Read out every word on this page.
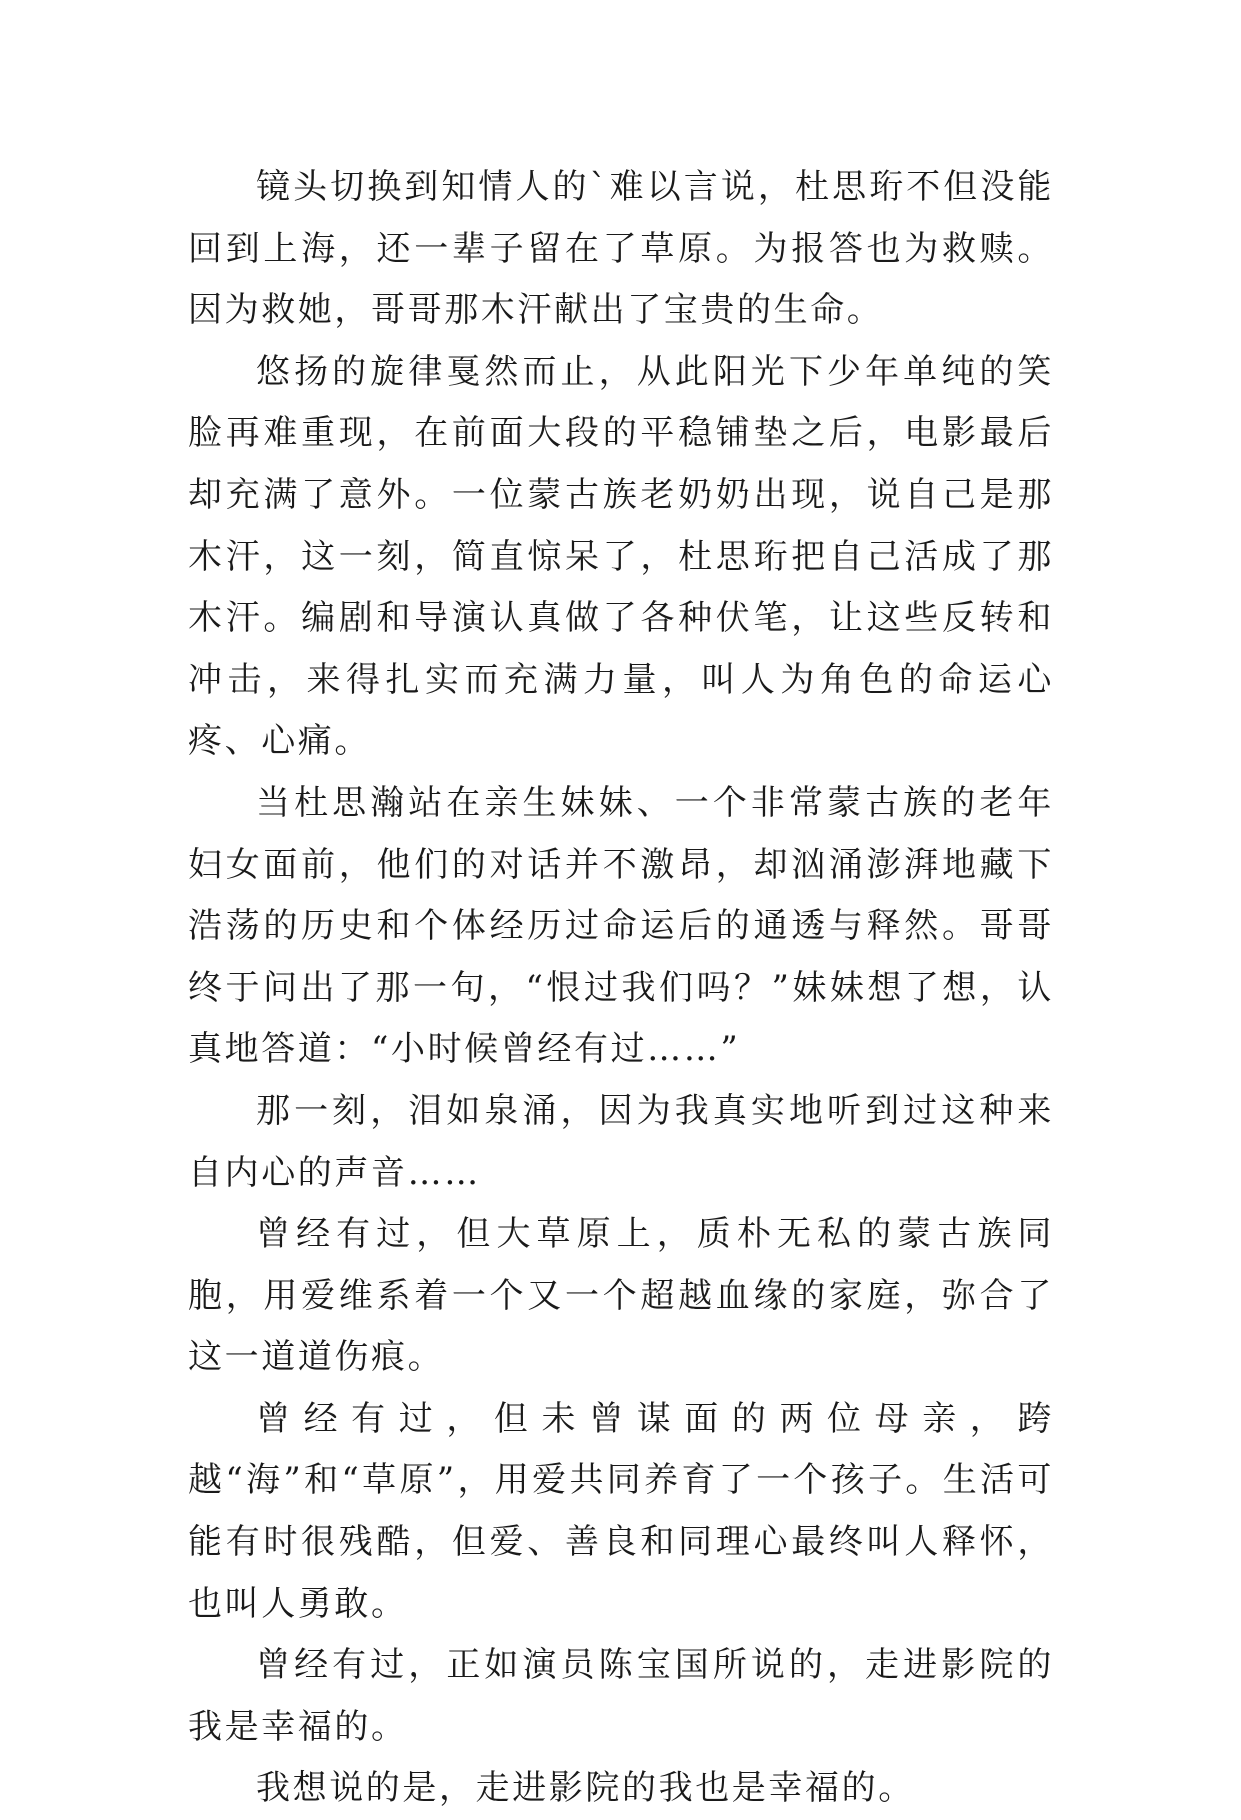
镜头切换到知情人的`难以言说，杜思珩不但没能回到上海，还一辈子留在了草原。为报答也为救赎。因为救她，哥哥那木汗献出了宝贵的生命。

悠扬的旋律戛然而止，从此阳光下少年单纯的笑脸再难重现，在前面大段的平稳铺垫之后，电影最后却充满了意外。一位蒙古族老奶奶出现，说自己是那木汗，这一刻，简直惊呆了，杜思珩把自己活成了那木汗。编剧和导演认真做了各种伏笔，让这些反转和冲击，来得扎实而充满力量，叫人为角色的命运心疼、心痛。

当杜思瀚站在亲生妹妹、一个非常蒙古族的老年妇女面前，他们的对话并不激昂，却汹涌澎湃地藏下浩荡的历史和个体经历过命运后的通透与释然。哥哥终于问出了那一句，“恨过我们吗？”妹妹想了想，认真地答道：“小时候曾经有过……”

那一刻，泪如泉涌，因为我真实地听到过这种来自内心的声音……

曾经有过，但大草原上，质朴无私的蒙古族同胞，用爱维系着一个又一个超越血缘的家庭，弥合了这一道道伤痕。

曾经有过，但未曾谋面的两位母亲，跨越“海”和“草原”，用爱共同养育了一个孩子。生活可能有时很残酷，但爱、善良和同理心最终叫人释怀，也叫人勇敢。

曾经有过，正如演员陈宝国所说的，走进影院的我是幸福的。

我想说的是，走进影院的我也是幸福的。
